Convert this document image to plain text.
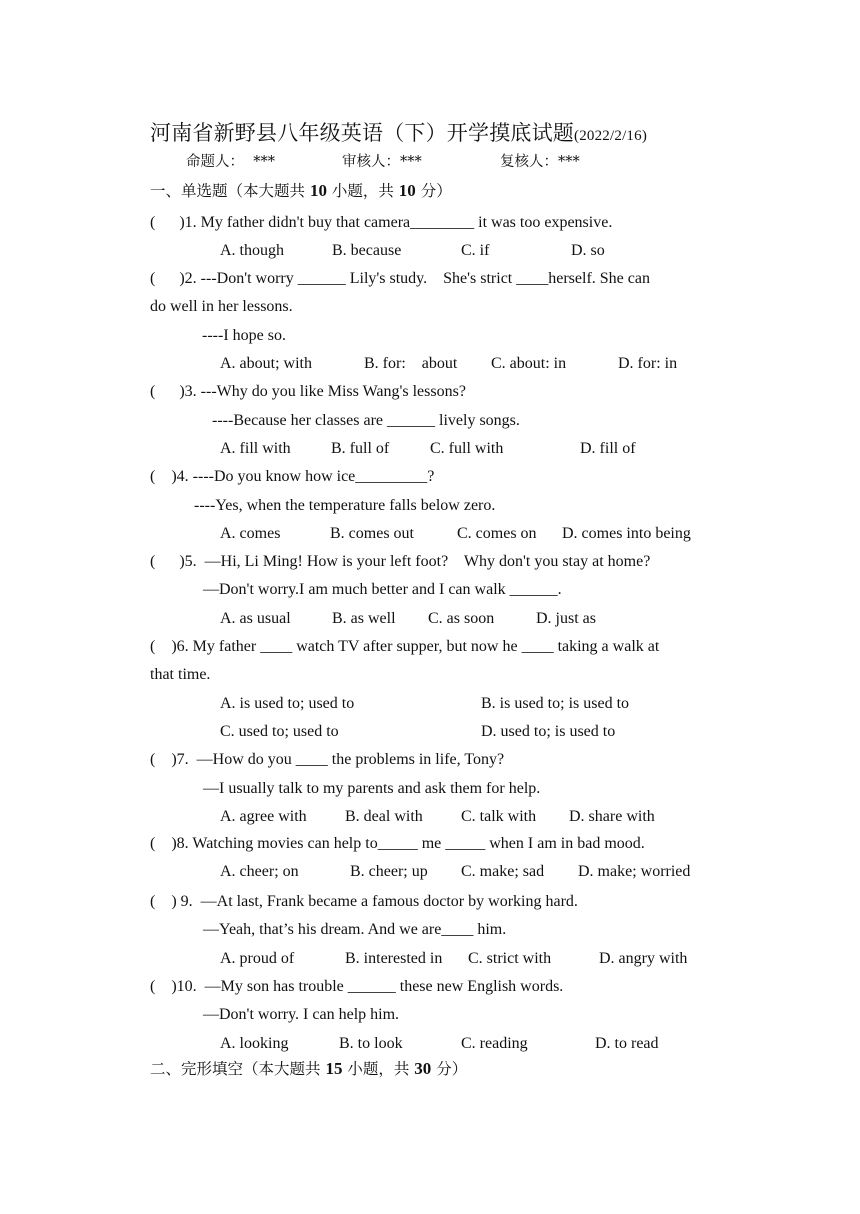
河南省新野县八年级英语（下）开学摸底试题(2022/2/16)
命题人：  ***	审核人：***	复核人：***
一、单选题（本大题共 10 小题，共 10 分）
(      )1. My father didn't buy that camera________ it was too expensive.
A. though	B. because	C. if	D. so
(      )2. ---Don't worry ______ Lily's study.    She's strict ____herself. She can
do well in her lessons.
----I hope so.
A. about; with	B. for:    about C. about: in	D. for: in
(      )3. ---Why do you like Miss Wang's lessons?
----Because her classes are ______ lively songs.
A. fill with	B. full of	C. full with	D. fill of
(    )4. ----Do you know how ice_________?
----Yes, when the temperature falls below zero.
A. comes	B. comes out	C. comes on D. comes into being
(      )5.  —Hi, Li Ming! How is your left foot?    Why don't you stay at home?
—Don't worry.I am much better and I can walk ______.
A. as usual	B. as well C. as soon	D. just as
(    )6. My father ____ watch TV after supper, but now he ____ taking a walk at
that time.
A. is used to; used to	B. is used to; is used to
C. used to; used to	D. used to; is used to
(    )7.  —How do you ____ the problems in life, Tony?
—I usually talk to my parents and ask them for help.
A. agree with B. deal with C. talk with D. share with
(    )8. Watching movies can help to_____ me _____ when I am in bad mood.
A. cheer; on	B. cheer; up C. make; sad D. make; worried
(    ) 9.  —At last, Frank became a famous doctor by working hard.
—Yeah, that’s his dream. And we are____ him.
A. proud of	B. interested in C. strict with	D. angry with
(    )10.  —My son has trouble ______ these new English words.
—Don't worry. I can help him.
A. looking	B. to look	C. reading	D. to read
二、完形填空（本大题共 15 小题，共 30 分）
